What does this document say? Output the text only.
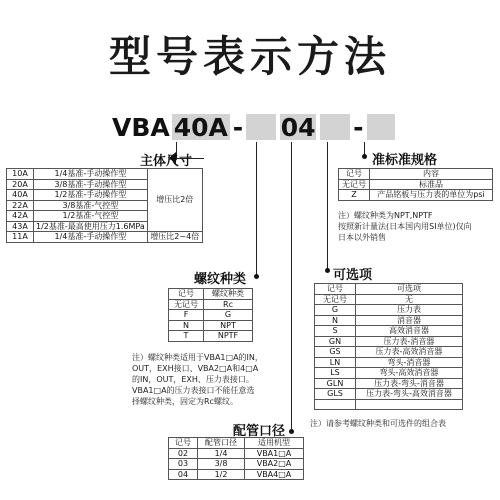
型号表示方法
VBA 40A - 04 -
主体尺寸
10A	1/4基准-手动操作型	增压比2倍
20A	3/8基准-手动操作型	
40A	1/2基准-手动操作型	
22A	3/8基准-气控型	
42A	1/2基准-气控型	
43A	1/2基准-最高使用压力1.6MPa	
11A	1/4基准-手动操作型	增压比2~4倍
螺纹种类
记号	螺纹种类
无记号	Rc
F	G
N	NPT
T	NPTF
注）螺纹种类适用于VBA1□A的IN，
OUT，EXH接口、VBA2□A和4□A
的IN，OUT，EXH、压力表接口。
VBA1□A的压力表接口不能任意选
择螺纹种类，固定为Rc螺纹。
配管口径
记号	配管口径	适用机型
02	1/4	VBA1□A
03	3/8	VBA2□A
04	1/2	VBA4□A
可选项
记号	可选项
无记号	无
G	压力表
N	消音器
S	高效消音器
GN	压力表-消音器
GS	压力表-高效消音器
LN	弯头-消音器
LS	弯头-高效消音器
GLN	压力表-弯头-消音器
GLS	压力表-弯头-高效消音器

注）请参考螺纹种类和可选件的组合表
准标准规格
记号	内容
无记号	标准品
Z	产品铭板与压力表的单位为psi
注）螺纹种类为NPT,NPTF
按照新计量法(日本国内用SI单位)仅向
日本以外销售
